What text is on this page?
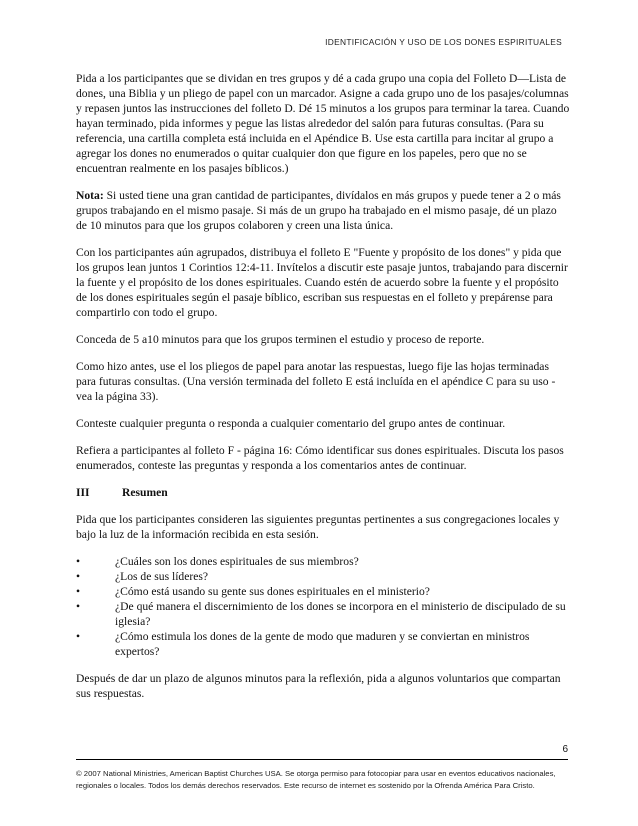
IDENTIFICACIÓN Y USO DE LOS DONES ESPIRITUALES

Pida a los participantes que se dividan en tres grupos y dé a cada grupo una copia del Folleto D—Lista de dones, una Biblia y un pliego de papel con un marcador. Asigne a cada grupo uno de los pasajes/columnas y repasen juntos las instrucciones del folleto D. Dé 15 minutos a los grupos para terminar la tarea. Cuando hayan terminado, pida informes y pegue las listas alrededor del salón para futuras consultas. (Para su referencia, una cartilla completa está incluida en el Apéndice B. Use esta cartilla para incitar al grupo a agregar los dones no enumerados o quitar cualquier don que figure en los papeles, pero que no se encuentran realmente en los pasajes bíblicos.)

Nota: Si usted tiene una gran cantidad de participantes, divídalos en más grupos y puede tener a 2 o más grupos trabajando en el mismo pasaje. Si más de un grupo ha trabajado en el mismo pasaje, dé un plazo de 10 minutos para que los grupos colaboren y creen una lista única.

Con los participantes aún agrupados, distribuya el folleto E "Fuente y propósito de los dones" y pida que los grupos lean juntos 1 Corintios 12:4-11. Invítelos a discutir este pasaje juntos, trabajando para discernir la fuente y el propósito de los dones espirituales. Cuando estén de acuerdo sobre la fuente y el propósito de los dones espirituales según el pasaje bíblico, escriban sus respuestas en el folleto y prepárense para compartirlo con todo el grupo.

Conceda de 5 a10 minutos para que los grupos terminen el estudio y proceso de reporte.

Como hizo antes, use el los pliegos de papel para anotar las respuestas, luego fije las hojas terminadas para futuras consultas. (Una versión terminada del folleto E está incluída en el apéndice C para su uso - vea la página 33).

Conteste cualquier pregunta o responda a cualquier comentario del grupo antes de continuar.

Refiera a participantes al folleto F - página 16: Cómo identificar sus dones espirituales. Discuta los pasos enumerados, conteste las preguntas y responda a los comentarios antes de continuar.

III	Resumen

Pida que los participantes consideren las siguientes preguntas pertinentes a sus congregaciones locales y bajo la luz de la información recibida en esta sesión.

•	¿Cuáles son los dones espirituales de sus miembros?
•	¿Los de sus líderes?
•	¿Cómo está usando su gente sus dones espirituales en el ministerio?
•	¿De qué manera el discernimiento de los dones se incorpora en el ministerio de discipulado de su iglesia?
•	¿Cómo estimula los dones de la gente de modo que maduren y se conviertan en ministros expertos?

Después de dar un plazo de algunos minutos para la reflexión, pida a algunos voluntarios que compartan sus respuestas.

6
© 2007 National Ministries, American Baptist Churches USA. Se otorga permiso para fotocopiar para usar en eventos educativos nacionales, regionales o locales. Todos los demás derechos reservados. Este recurso de internet es sostenido por la Ofrenda América Para Cristo.
